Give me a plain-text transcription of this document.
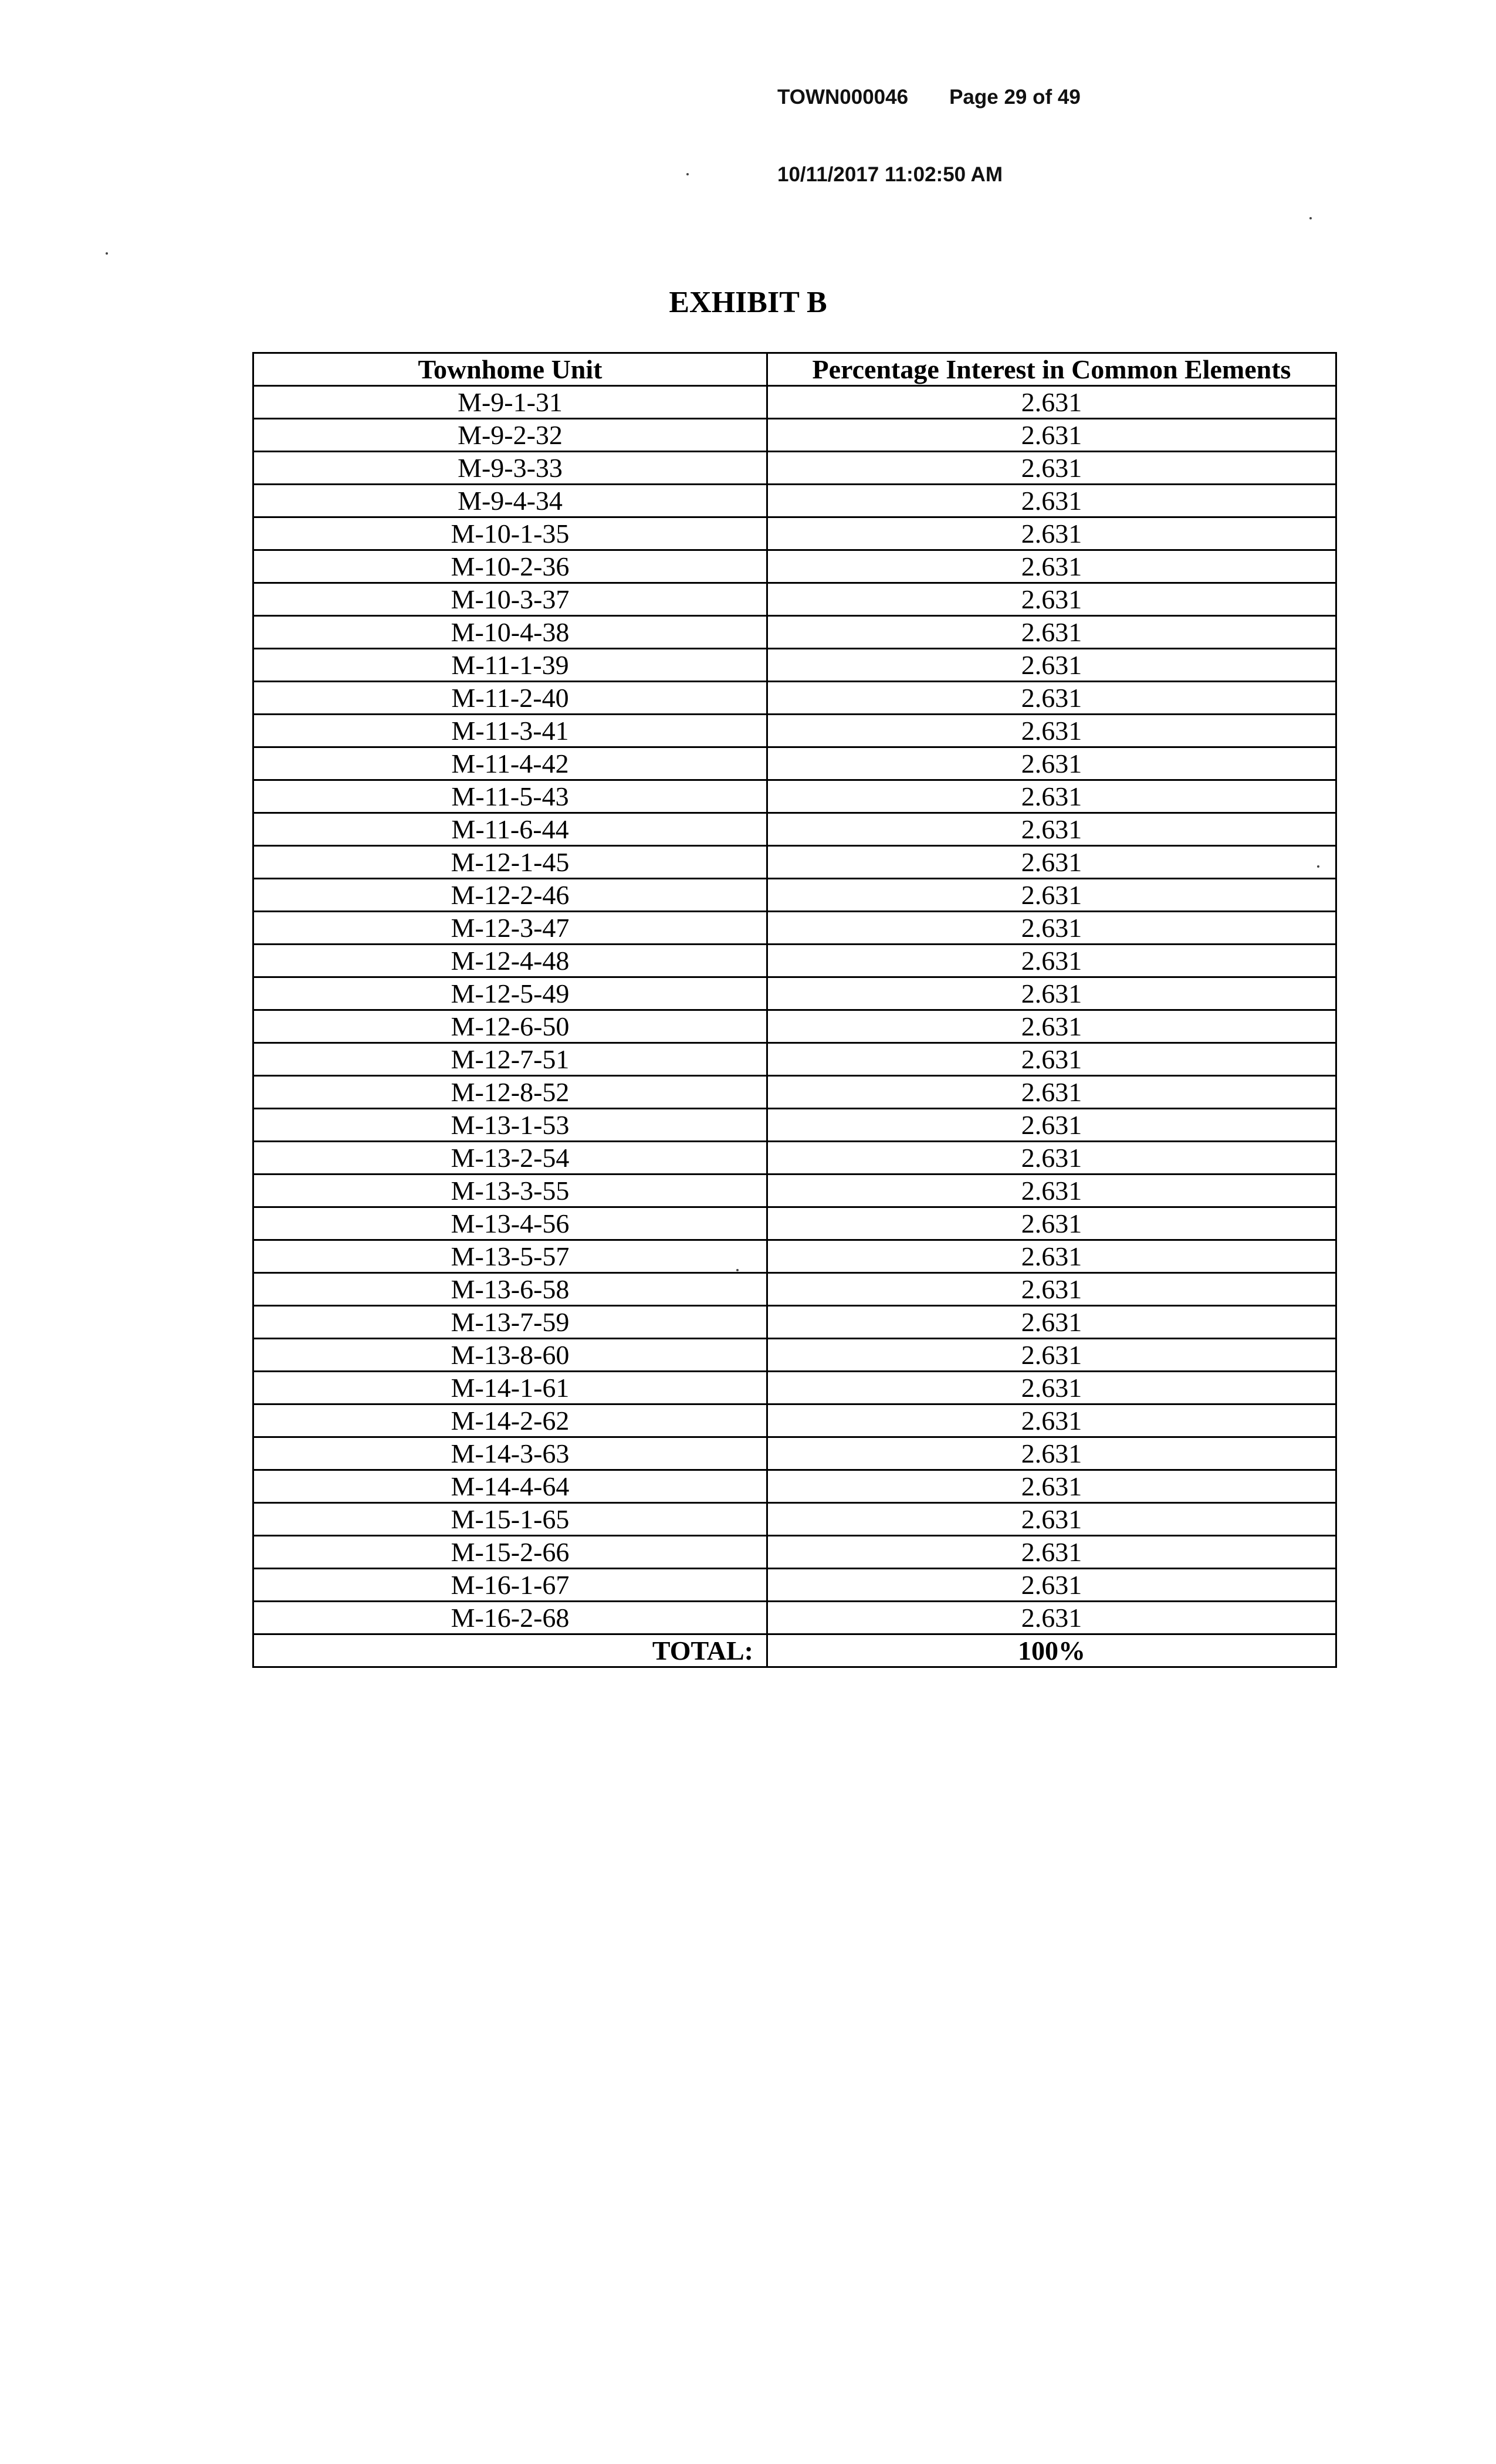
TOWN000046 Page 29 of 49

10/11/2017 11:02:50 AM

EXHIBIT B
Townhome Unit	Percentage Interest in Common Elements
M-9-1-31	2.631
M-9-2-32	2.631
M-9-3-33	2.631
M-9-4-34	2.631
M-10-1-35	2.631
M-10-2-36	2.631
M-10-3-37	2.631
M-10-4-38	2.631
M-11-1-39	2.631
M-11-2-40	2.631
M-11-3-41	2.631
M-11-4-42	2.631
M-11-5-43	2.631
M-11-6-44	2.631
M-12-1-45	2.631
M-12-2-46	2.631
M-12-3-47	2.631
M-12-4-48	2.631
M-12-5-49	2.631
M-12-6-50	2.631
M-12-7-51	2.631
M-12-8-52	2.631
M-13-1-53	2.631
M-13-2-54	2.631
M-13-3-55	2.631
M-13-4-56	2.631
M-13-5-57	2.631
M-13-6-58	2.631
M-13-7-59	2.631
M-13-8-60	2.631
M-14-1-61	2.631
M-14-2-62	2.631
M-14-3-63	2.631
M-14-4-64	2.631
M-15-1-65	2.631
M-15-2-66	2.631
M-16-1-67	2.631
M-16-2-68	2.631
TOTAL:	100%
